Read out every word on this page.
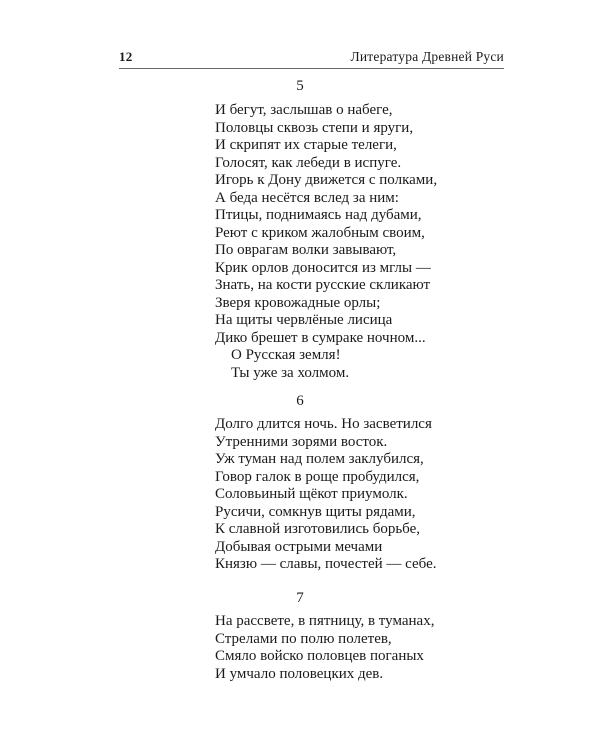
12	Литература Древней Руси
5
И бегут, заслышав о набеге,
Половцы сквозь степи и яруги,
И скрипят их старые телеги,
Голосят, как лебеди в испуге.
Игорь к Дону движется с полками,
А беда несётся вслед за ним:
Птицы, поднимаясь над дубами,
Реют с криком жалобным своим,
По оврагам волки завывают,
Крик орлов доносится из мглы —
Знать, на кости русские скликают
Зверя кровожадные орлы;
На щиты червлёные лисица
Дико брешет в сумраке ночном...
О Русская земля!
Ты уже за холмом.
6
Долго длится ночь. Но засветился
Утренними зорями восток.
Уж туман над полем заклубился,
Говор галок в роще пробудился,
Соловьиный щёкот приумолк.
Русичи, сомкнув щиты рядами,
К славной изготовились борьбе,
Добывая острыми мечами
Князю — славы, почестей — себе.
7
На рассвете, в пятницу, в туманах,
Стрелами по полю полетев,
Смяло войско половцев поганых
И умчало половецких дев.
